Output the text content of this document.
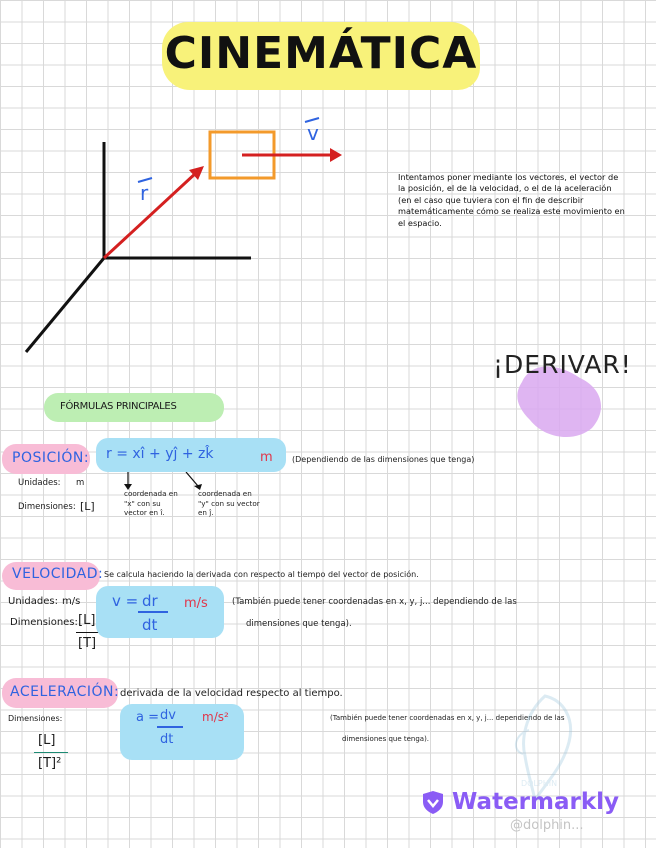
CINEMÁTICA
r
v
Intentamos poner mediante los vectores, el vector de la posición, el de la velocidad, o el de la aceleración (en el caso que tuviera con el fin de describir matemáticamente cómo se realiza este movimiento en el espacio.
¡DERIVAR!
FÓRMULAS PRINCIPALES
POSICIÓN: r = xî + yĵ + zk̂	m (Dependiendo de las dimensiones que tenga)
Unidades: m
Dimensiones: [L]
coordenada en "x" con su vector en î.
coordenada en "y" con su vector en ĵ.
VELOCIDAD: Se calcula haciendo la derivada con respecto al tiempo del vector de posición.
Unidades: m/s
Dimensiones: [L]
[T]
v = dr
dt
m/s	(También puede tener coordenadas en x, y, j... dependiendo de las
dimensiones que tenga).
ACELERACIÓN: derivada de la velocidad respecto al tiempo.
Dimensiones:
[L]
[T]²
a = dv
dt
m/s²	(También puede tener coordenadas en x, y, j... dependiendo de las
dimensiones que tenga).
DOLPHIN
Watermarkly
@dolphin...
